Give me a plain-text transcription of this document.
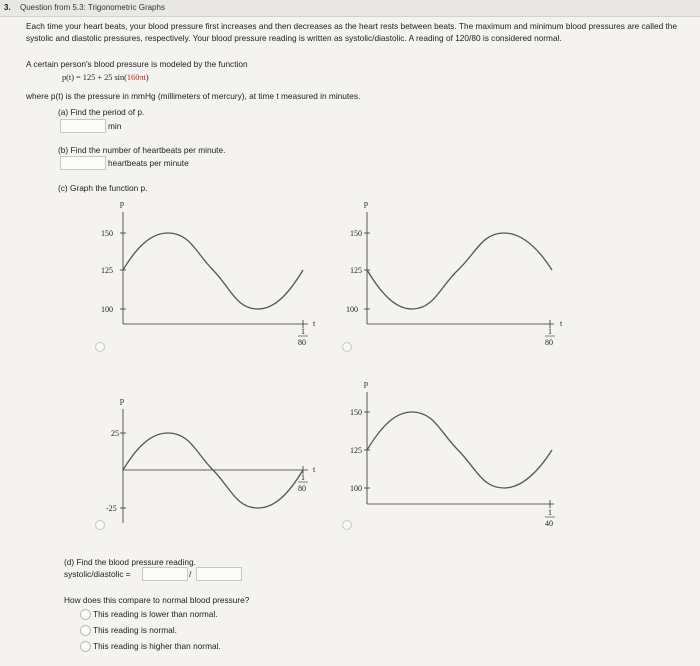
3. Question from 5.3: Trigonometric Graphs
Each time your heart beats, your blood pressure first increases and then decreases as the heart rests between beats. The maximum and minimum blood pressures are called the systolic and diastolic pressures, respectively. Your blood pressure reading is written as systolic/diastolic. A reading of 120/80 is considered normal.
A certain person's blood pressure is modeled by the function
p(t) = 125 + 25 sin(160πt)
where p(t) is the pressure in mmHg (millimeters of mercury), at time t measured in minutes.
(a) Find the period of p.
min
(b) Find the number of heartbeats per minute.
heartbeats per minute
(c) Graph the function p.
p
150
125
100
t
1
80
p
150
125
100
t
1
80
p
25
-25
t
1
80
p
150
125
100
1
40
(d) Find the blood pressure reading.
systolic/diastolic =	/
How does this compare to normal blood pressure?
This reading is lower than normal.
This reading is normal.
This reading is higher than normal.
